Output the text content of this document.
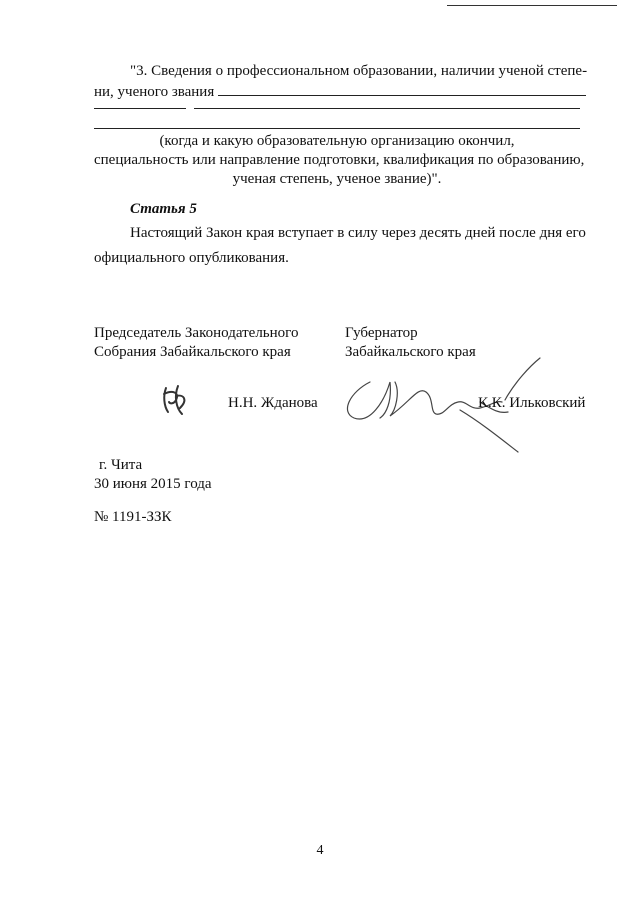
"3. Сведения о профессиональном образовании, наличии ученой степе-
ни, ученого звания
(когда и какую образовательную организацию окончил,
специальность или направление подготовки, квалификация по образованию,
ученая степень, ученое звание)".
Статья 5
Настоящий Закон края вступает в силу через десять дней после дня его
официального опубликования.
Председатель Законодательного
Собрания Забайкальского края
Губернатор
Забайкальского края
Н.Н. Жданова	К.К. Ильковский
г. Чита
30 июня 2015 года
№ 1191-ЗЗК
4
